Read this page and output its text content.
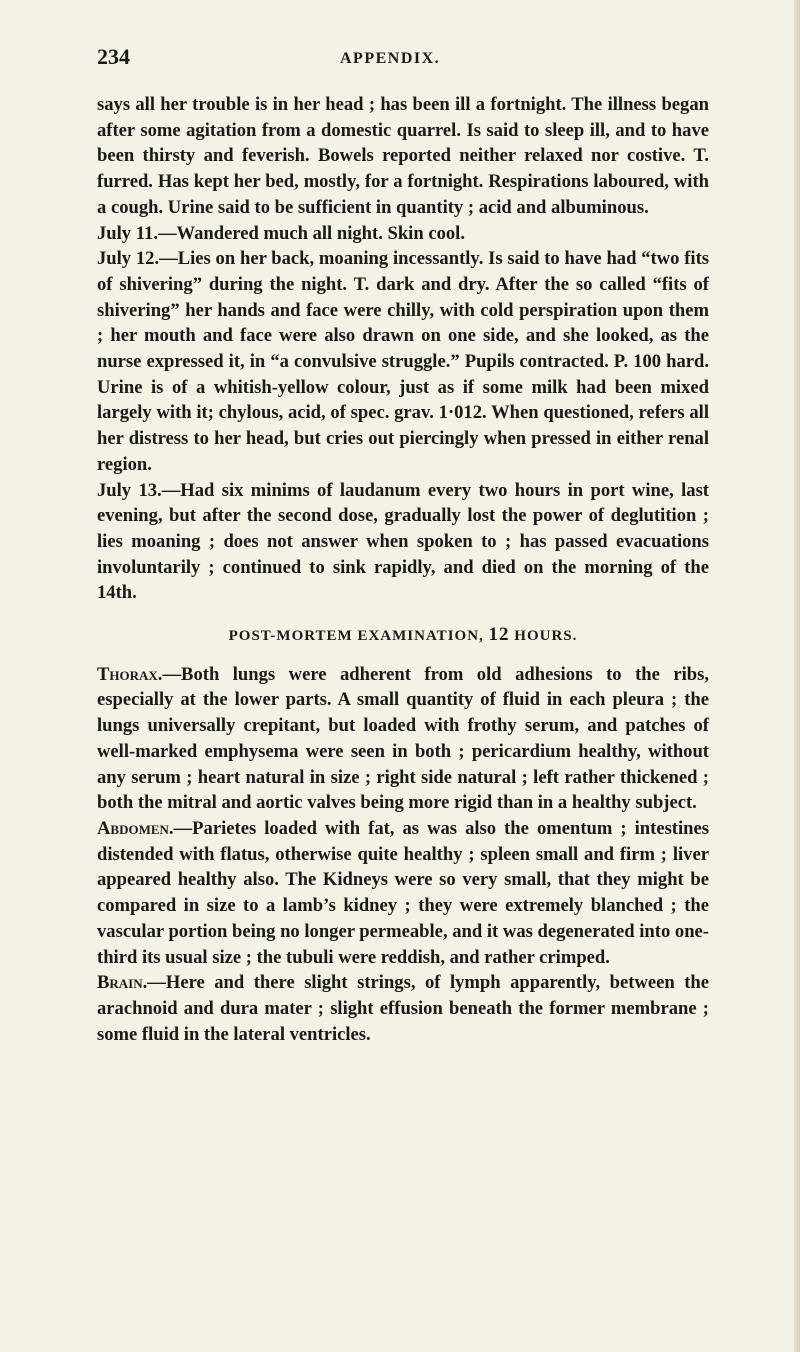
234	APPENDIX.

says all her trouble is in her head ; has been ill a fortnight. The illness began after some agitation from a domestic quarrel. Is said to sleep ill, and to have been thirsty and feverish. Bowels reported neither relaxed nor costive. T. furred. Has kept her bed, mostly, for a fortnight. Respirations laboured, with a cough. Urine said to be sufficient in quantity ; acid and albuminous.

July 11.—Wandered much all night. Skin cool.

July 12.—Lies on her back, moaning incessantly. Is said to have had “two fits of shivering” during the night. T. dark and dry. After the so called “fits of shivering” her hands and face were chilly, with cold perspiration upon them ; her mouth and face were also drawn on one side, and she looked, as the nurse expressed it, in “a convulsive struggle.” Pupils contracted. P. 100 hard. Urine is of a whitish-yellow colour, just as if some milk had been mixed largely with it; chylous, acid, of spec. grav. 1·012. When questioned, refers all her distress to her head, but cries out piercingly when pressed in either renal region.

July 13.—Had six minims of laudanum every two hours in port wine, last evening, but after the second dose, gradually lost the power of deglutition ; lies moaning ; does not answer when spoken to ; has passed evacuations involuntarily ; continued to sink rapidly, and died on the morning of the 14th.

POST-MORTEM EXAMINATION, 12 HOURS.

Thorax.—Both lungs were adherent from old adhesions to the ribs, especially at the lower parts. A small quantity of fluid in each pleura ; the lungs universally crepitant, but loaded with frothy serum, and patches of well-marked emphysema were seen in both ; pericardium healthy, without any serum ; heart natural in size ; right side natural ; left rather thickened ; both the mitral and aortic valves being more rigid than in a healthy subject.

Abdomen.—Parietes loaded with fat, as was also the omentum ; intestines distended with flatus, otherwise quite healthy ; spleen small and firm ; liver appeared healthy also. The Kidneys were so very small, that they might be compared in size to a lamb’s kidney ; they were extremely blanched ; the vascular portion being no longer permeable, and it was degenerated into one-third its usual size ; the tubuli were reddish, and rather crimped.

Brain.—Here and there slight strings, of lymph apparently, between the arachnoid and dura mater ; slight effusion beneath the former membrane ; some fluid in the lateral ventricles.
